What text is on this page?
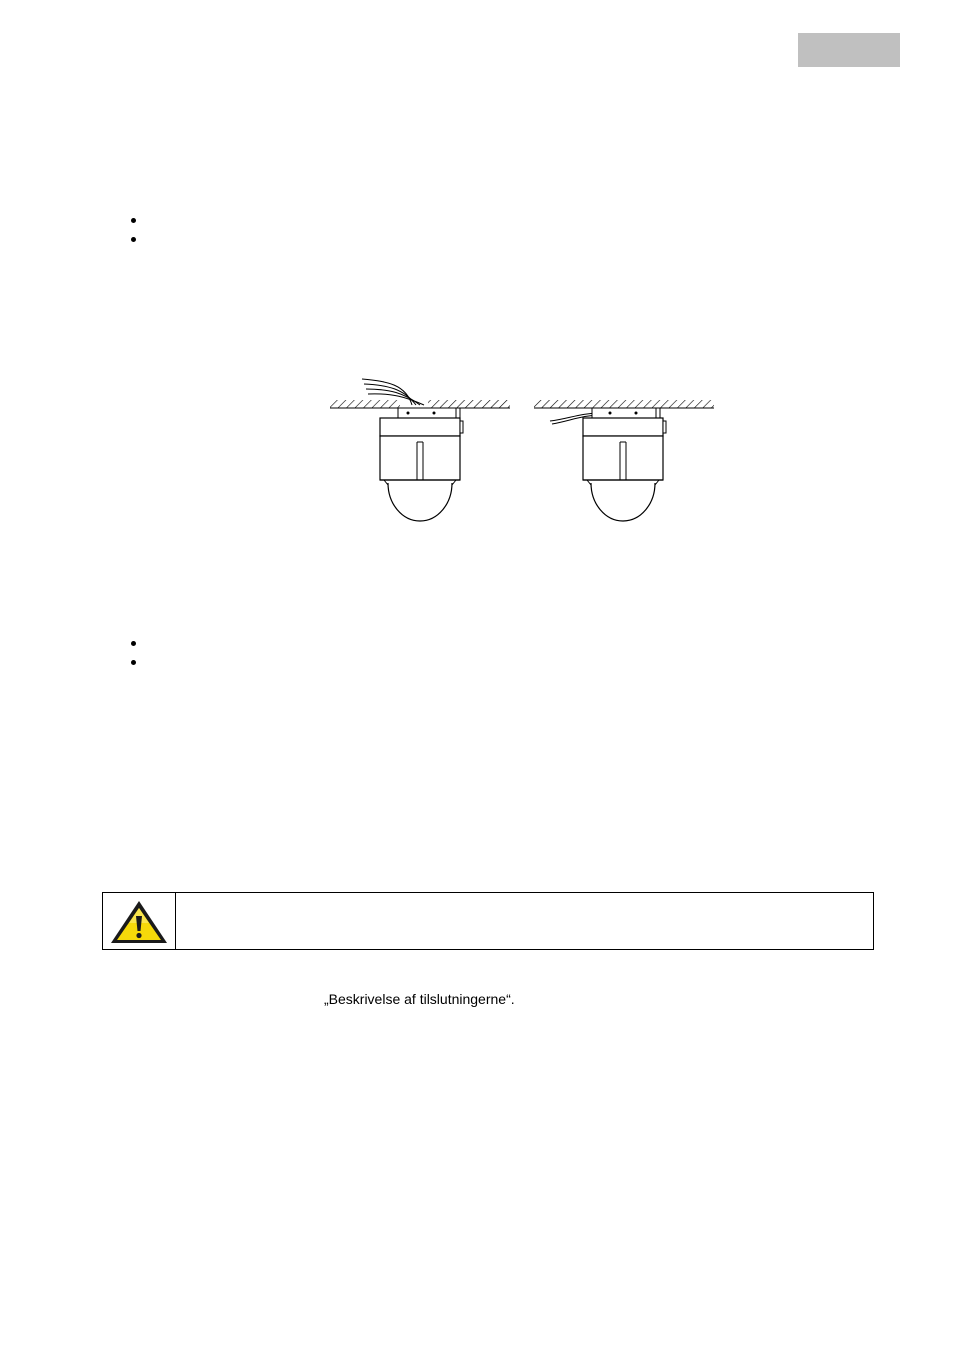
„Beskrivelse af tilslutningerne“.
